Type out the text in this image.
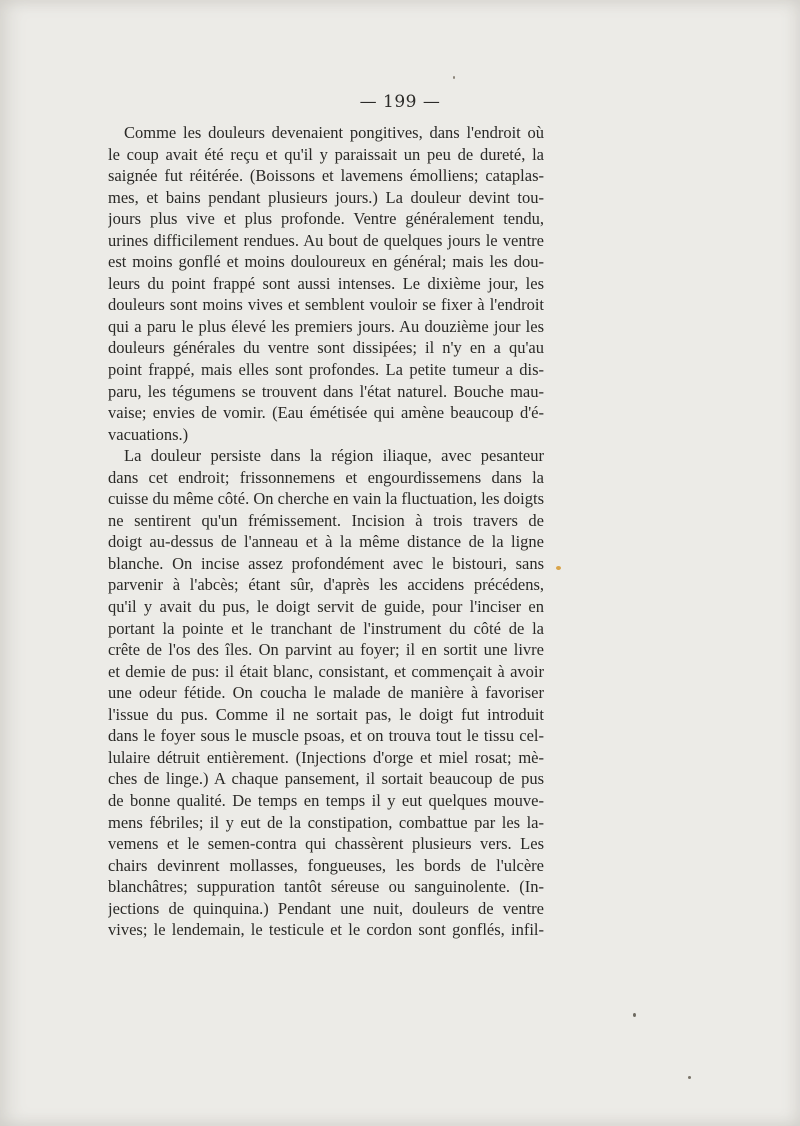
— 199 —
Comme les douleurs devenaient pongitives, dans l'endroit où
le coup avait été reçu et qu'il y paraissait un peu de dureté, la
saignée fut réitérée. (Boissons et lavemens émolliens; cataplas-
mes, et bains pendant plusieurs jours.) La douleur devint tou-
jours plus vive et plus profonde. Ventre généralement tendu,
urines difficilement rendues. Au bout de quelques jours le ventre
est moins gonflé et moins douloureux en général; mais les dou-
leurs du point frappé sont aussi intenses. Le dixième jour, les
douleurs sont moins vives et semblent vouloir se fixer à l'endroit
qui a paru le plus élevé les premiers jours. Au douzième jour les
douleurs générales du ventre sont dissipées; il n'y en a qu'au
point frappé, mais elles sont profondes. La petite tumeur a dis-
paru, les tégumens se trouvent dans l'état naturel. Bouche mau-
vaise; envies de vomir. (Eau émétisée qui amène beaucoup d'é-
vacuations.)
La douleur persiste dans la région iliaque, avec pesanteur
dans cet endroit; frissonnemens et engourdissemens dans la
cuisse du même côté. On cherche en vain la fluctuation, les doigts
ne sentirent qu'un frémissement. Incision à trois travers de
doigt au-dessus de l'anneau et à la même distance de la ligne
blanche. On incise assez profondément avec le bistouri, sans
parvenir à l'abcès; étant sûr, d'après les accidens précédens,
qu'il y avait du pus, le doigt servit de guide, pour l'inciser en
portant la pointe et le tranchant de l'instrument du côté de la
crête de l'os des îles. On parvint au foyer; il en sortit une livre
et demie de pus: il était blanc, consistant, et commençait à avoir
une odeur fétide. On coucha le malade de manière à favoriser
l'issue du pus. Comme il ne sortait pas, le doigt fut introduit
dans le foyer sous le muscle psoas, et on trouva tout le tissu cel-
lulaire détruit entièrement. (Injections d'orge et miel rosat; mè-
ches de linge.) A chaque pansement, il sortait beaucoup de pus
de bonne qualité. De temps en temps il y eut quelques mouve-
mens fébriles; il y eut de la constipation, combattue par les la-
vemens et le semen-contra qui chassèrent plusieurs vers. Les
chairs devinrent mollasses, fongueuses, les bords de l'ulcère
blanchâtres; suppuration tantôt séreuse ou sanguinolente. (In-
jections de quinquina.) Pendant une nuit, douleurs de ventre
vives; le lendemain, le testicule et le cordon sont gonflés, infil-
